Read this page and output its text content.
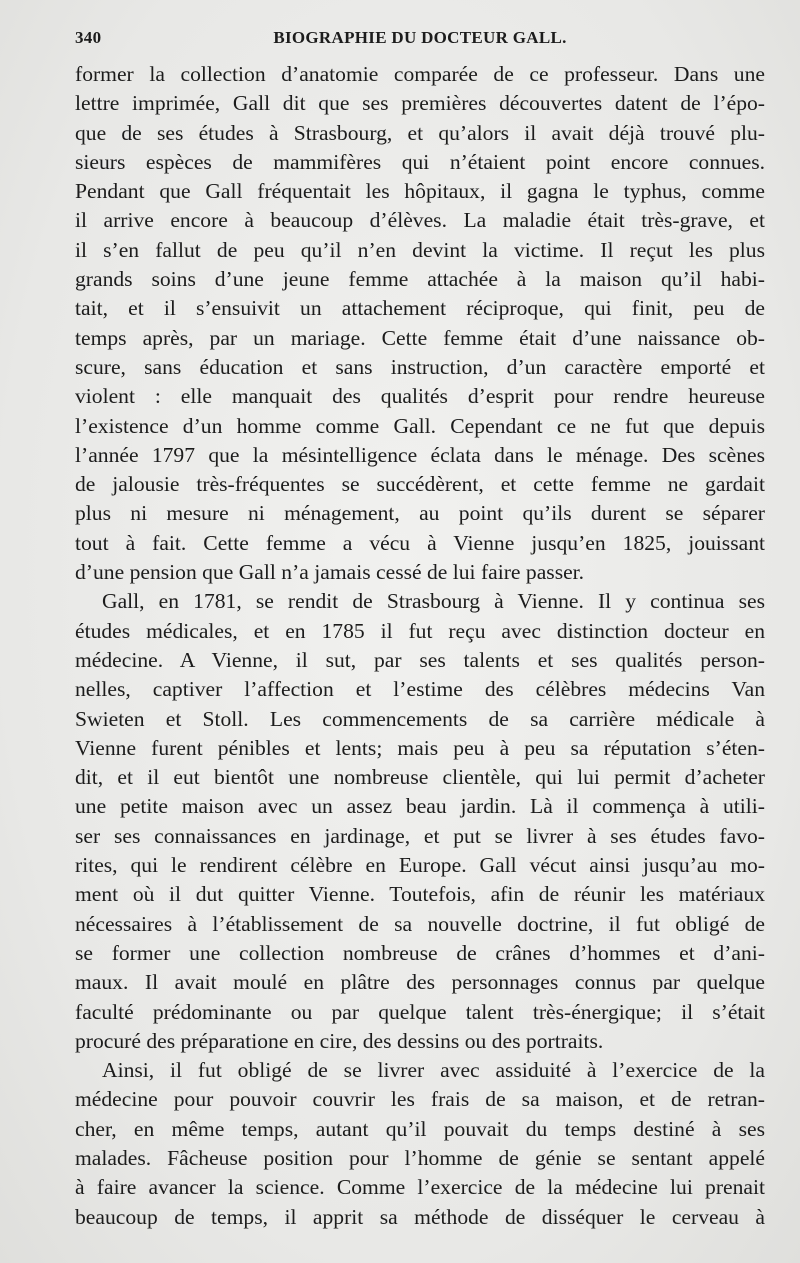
340	BIOGRAPHIE DU DOCTEUR GALL.
former la collection d’anatomie comparée de ce professeur. Dans une
lettre imprimée, Gall dit que ses premières découvertes datent de l’épo-
que de ses études à Strasbourg, et qu’alors il avait déjà trouvé plu-
sieurs espèces de mammifères qui n’étaient point encore connues.
Pendant que Gall fréquentait les hôpitaux, il gagna le typhus, comme
il arrive encore à beaucoup d’élèves. La maladie était très-grave, et
il s’en fallut de peu qu’il n’en devint la victime. Il reçut les plus
grands soins d’une jeune femme attachée à la maison qu’il habi-
tait, et il s’ensuivit un attachement réciproque, qui finit, peu de
temps après, par un mariage. Cette femme était d’une naissance ob-
scure, sans éducation et sans instruction, d’un caractère emporté et
violent : elle manquait des qualités d’esprit pour rendre heureuse
l’existence d’un homme comme Gall. Cependant ce ne fut que depuis
l’année 1797 que la mésintelligence éclata dans le ménage. Des scènes
de jalousie très-fréquentes se succédèrent, et cette femme ne gardait
plus ni mesure ni ménagement, au point qu’ils durent se séparer
tout à fait. Cette femme a vécu à Vienne jusqu’en 1825, jouissant
d’une pension que Gall n’a jamais cessé de lui faire passer.
Gall, en 1781, se rendit de Strasbourg à Vienne. Il y continua ses
études médicales, et en 1785 il fut reçu avec distinction docteur en
médecine. A Vienne, il sut, par ses talents et ses qualités person-
nelles, captiver l’affection et l’estime des célèbres médecins Van
Swieten et Stoll. Les commencements de sa carrière médicale à
Vienne furent pénibles et lents; mais peu à peu sa réputation s’éten-
dit, et il eut bientôt une nombreuse clientèle, qui lui permit d’acheter
une petite maison avec un assez beau jardin. Là il commença à utili-
ser ses connaissances en jardinage, et put se livrer à ses études favo-
rites, qui le rendirent célèbre en Europe. Gall vécut ainsi jusqu’au mo-
ment où il dut quitter Vienne. Toutefois, afin de réunir les matériaux
nécessaires à l’établissement de sa nouvelle doctrine, il fut obligé de
se former une collection nombreuse de crânes d’hommes et d’ani-
maux. Il avait moulé en plâtre des personnages connus par quelque
faculté prédominante ou par quelque talent très-énergique; il s’était
procuré des préparatione en cire, des dessins ou des portraits.
Ainsi, il fut obligé de se livrer avec assiduité à l’exercice de la
médecine pour pouvoir couvrir les frais de sa maison, et de retran-
cher, en même temps, autant qu’il pouvait du temps destiné à ses
malades. Fâcheuse position pour l’homme de génie se sentant appelé
à faire avancer la science. Comme l’exercice de la médecine lui prenait
beaucoup de temps, il apprit sa méthode de disséquer le cerveau à
